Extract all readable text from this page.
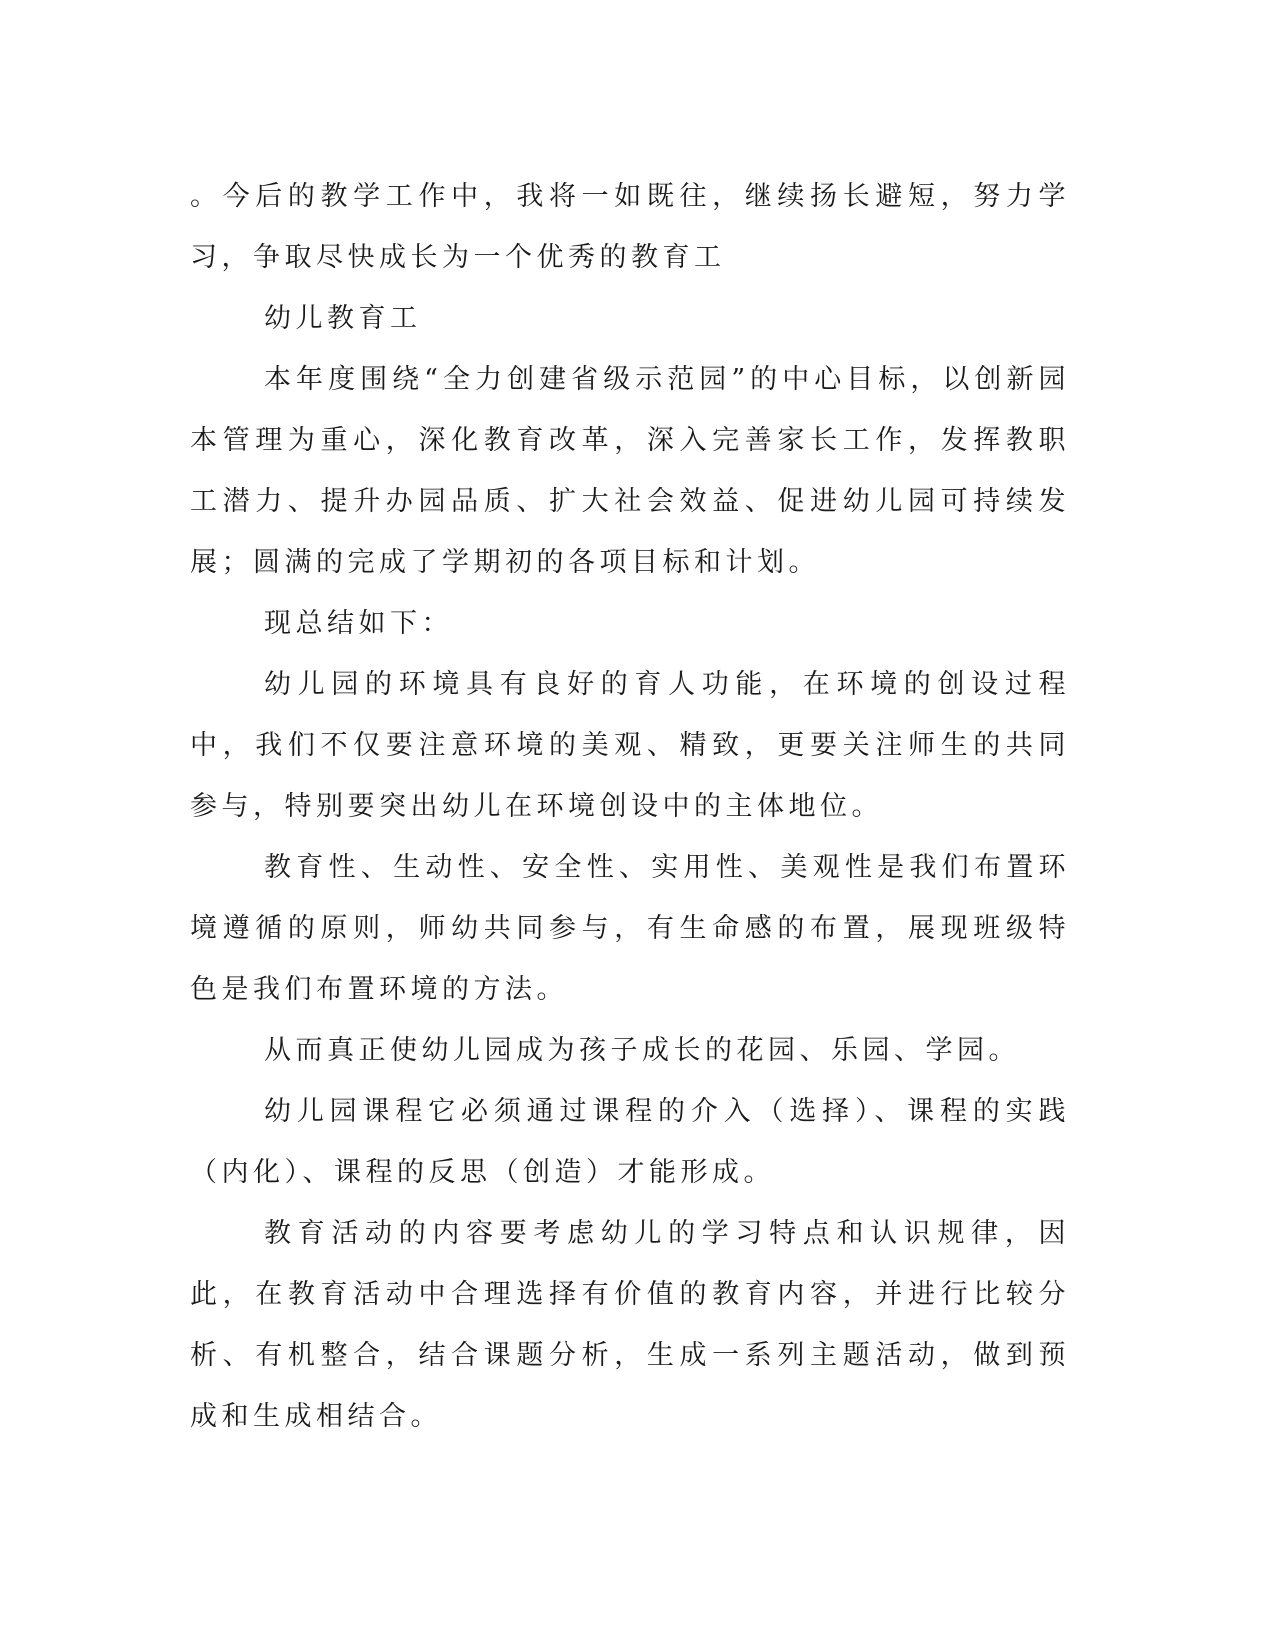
。今后的教学工作中，我将一如既往，继续扬长避短，努力学习，争取尽快成长为一个优秀的教育工

幼儿教育工

本年度围绕“全力创建省级示范园”的中心目标，以创新园本管理为重心，深化教育改革，深入完善家长工作，发挥教职工潜力、提升办园品质、扩大社会效益、促进幼儿园可持续发展；圆满的完成了学期初的各项目标和计划。

现总结如下：

幼儿园的环境具有良好的育人功能，在环境的创设过程中，我们不仅要注意环境的美观、精致，更要关注师生的共同参与，特别要突出幼儿在环境创设中的主体地位。

教育性、生动性、安全性、实用性、美观性是我们布置环境遵循的原则，师幼共同参与，有生命感的布置，展现班级特色是我们布置环境的方法。

从而真正使幼儿园成为孩子成长的花园、乐园、学园。

幼儿园课程它必须通过课程的介入（选择）、课程的实践（内化）、课程的反思（创造）才能形成。

教育活动的内容要考虑幼儿的学习特点和认识规律，因此，在教育活动中合理选择有价值的教育内容，并进行比较分析、有机整合，结合课题分析，生成一系列主题活动，做到预成和生成相结合。
